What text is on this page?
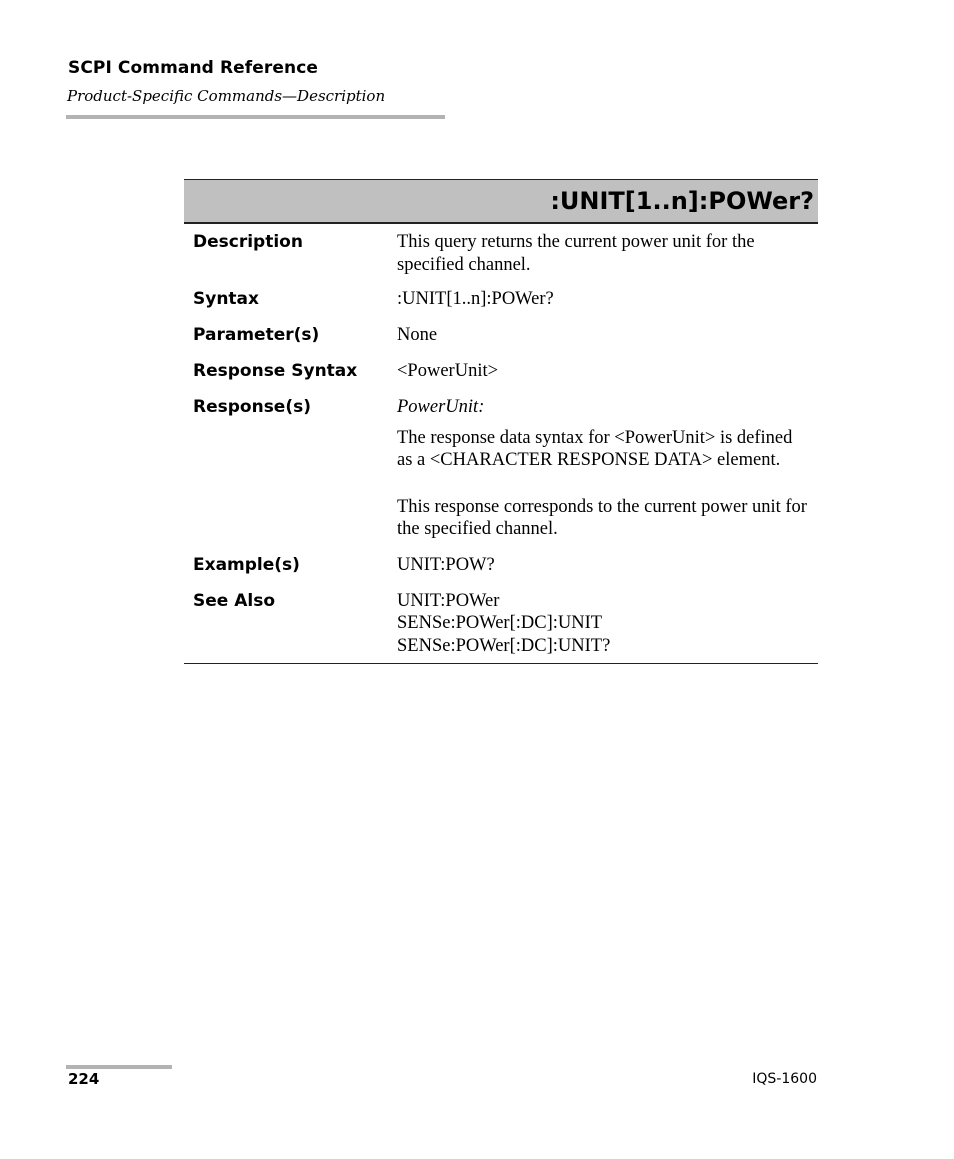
SCPI Command Reference
Product-Specific Commands—Description
:UNIT[1..n]:POWer?
Description	This query returns the current power unit for the specified channel.
Syntax	:UNIT[1..n]:POWer?
Parameter(s)	None
Response Syntax	<PowerUnit>
Response(s)	PowerUnit:

The response data syntax for <PowerUnit> is defined as a <CHARACTER RESPONSE DATA> element.

This response corresponds to the current power unit for the specified channel.

Example(s)	UNIT:POW?
See Also	UNIT:POWer

SENSe:POWer[:DC]:UNIT

SENSe:POWer[:DC]:UNIT?

224	IQS-1600
